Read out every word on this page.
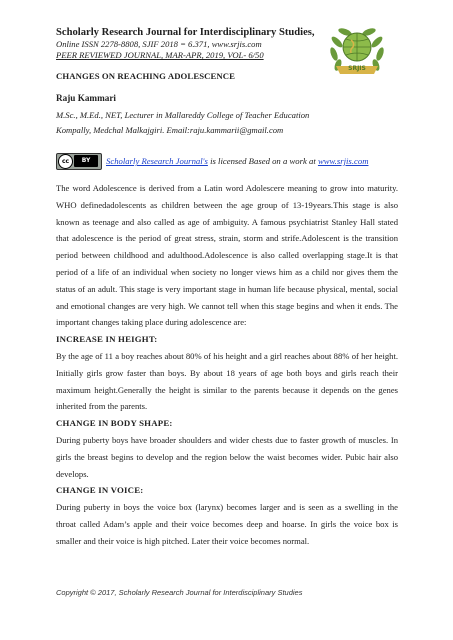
Scholarly Research Journal for Interdisciplinary Studies,
Online ISSN 2278-8808, SJIF 2018 = 6.371, www.srjis.com
PEER REVIEWED JOURNAL, MAR-APR, 2019, VOL- 6/50
SRJIS
CHANGES ON REACHING ADOLESCENCE
Raju Kammari
M.Sc., M.Ed., NET, Lecturer in Mallareddy College of Teacher Education
Kompally, Medchal Malkajgiri. Email:raju.kammarii@gmail.com
cc	BY	Scholarly Research Journal's is licensed Based on a work at www.srjis.com

The word Adolescence is derived from a Latin word Adolescere meaning to grow into maturity. WHO definedadolescents as children between the age group of 13-19years.This stage is also known as teenage and also called as age of ambiguity. A famous psychiatrist Stanley Hall stated that adolescence is the period of great stress, strain, storm and strife.Adolescent is the transition period between childhood and adulthood.Adolescence is also called overlapping stage.It is that period of a life of an individual when society no longer views him as a child nor gives them the status of an adult. This stage is very important stage in human life because physical, mental, social and emotional changes are very high. We cannot tell when this stage begins and when it ends. The important changes taking place during adolescence are:

INCREASE IN HEIGHT:

By the age of 11 a boy reaches about 80% of his height and a girl reaches about 88% of her height. Initially girls grow faster than boys. By about 18 years of age both boys and girls reach their maximum height.Generally the height is similar to the parents because it depends on the genes inherited from the parents.

CHANGE IN BODY SHAPE:

During puberty boys have broader shoulders and wider chests due to faster growth of muscles. In girls the breast begins to develop and the region below the waist becomes wider. Pubic hair also develops.

CHANGE IN VOICE:

During puberty in boys the voice box (larynx) becomes larger and is seen as a swelling in the throat called Adam’s apple and their voice becomes deep and hoarse. In girls the voice box is smaller and their voice is high pitched. Later their voice becomes normal.

Copyright © 2017, Scholarly Research Journal for Interdisciplinary Studies
